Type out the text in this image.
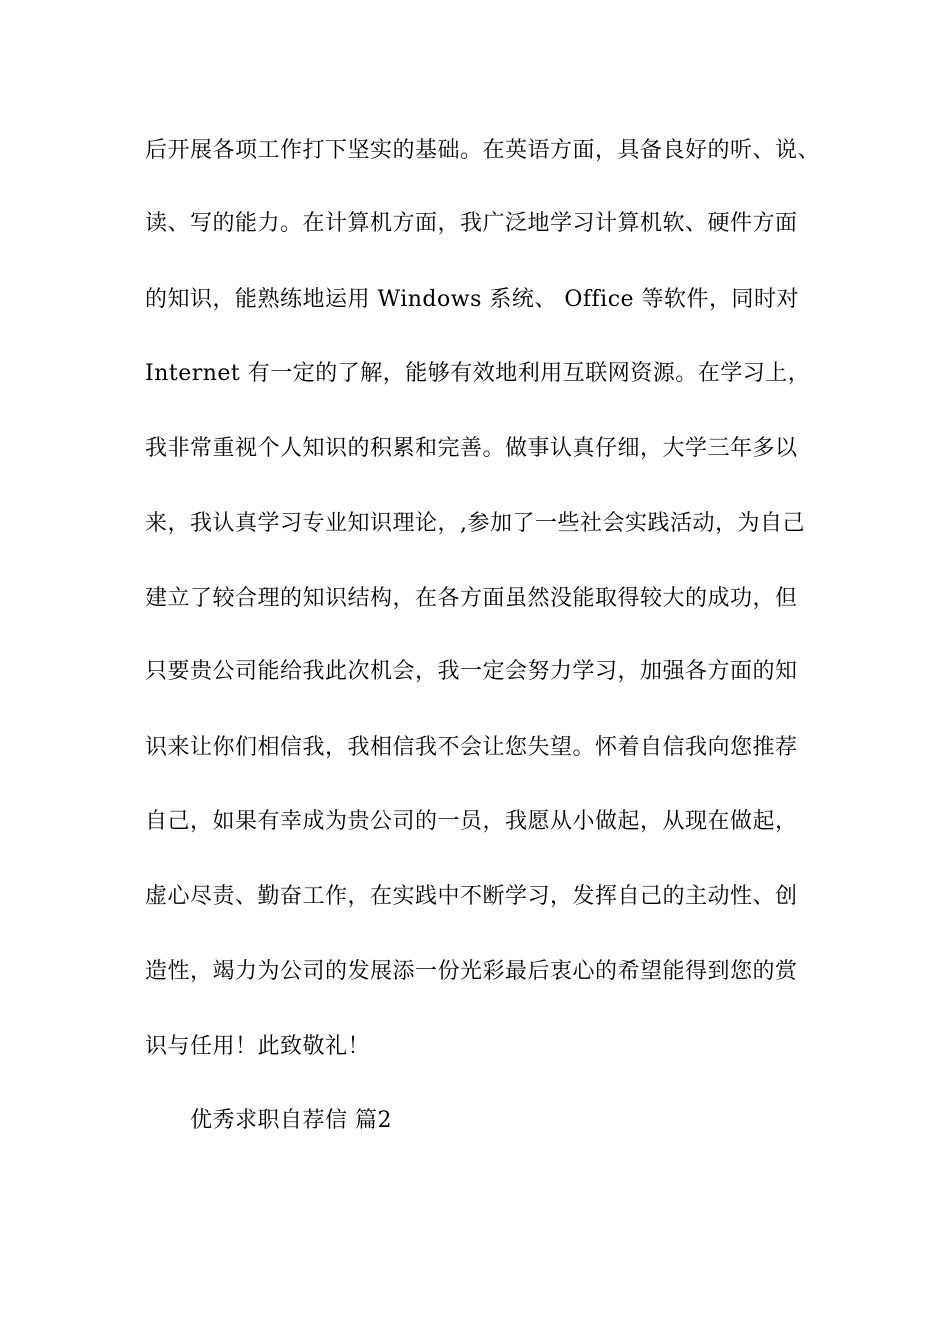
后开展各项工作打下坚实的基础。在英语方面，具备良好的听、说、

读、写的能力。在计算机方面，我广泛地学习计算机软、硬件方面

的知识，能熟练地运用 Windows 系统、 Office 等软件，同时对

Internet 有一定的了解，能够有效地利用互联网资源。在学习上，

我非常重视个人知识的积累和完善。做事认真仔细，大学三年多以

来，我认真学习专业知识理论，,参加了一些社会实践活动，为自己

建立了较合理的知识结构，在各方面虽然没能取得较大的成功，但

只要贵公司能给我此次机会，我一定会努力学习，加强各方面的知

识来让你们相信我，我相信我不会让您失望。怀着自信我向您推荐

自己，如果有幸成为贵公司的一员，我愿从小做起，从现在做起，

虚心尽责、勤奋工作，在实践中不断学习，发挥自己的主动性、创

造性，竭力为公司的发展添一份光彩最后衷心的希望能得到您的赏

识与任用！此致敬礼！

优秀求职自荐信 篇2
